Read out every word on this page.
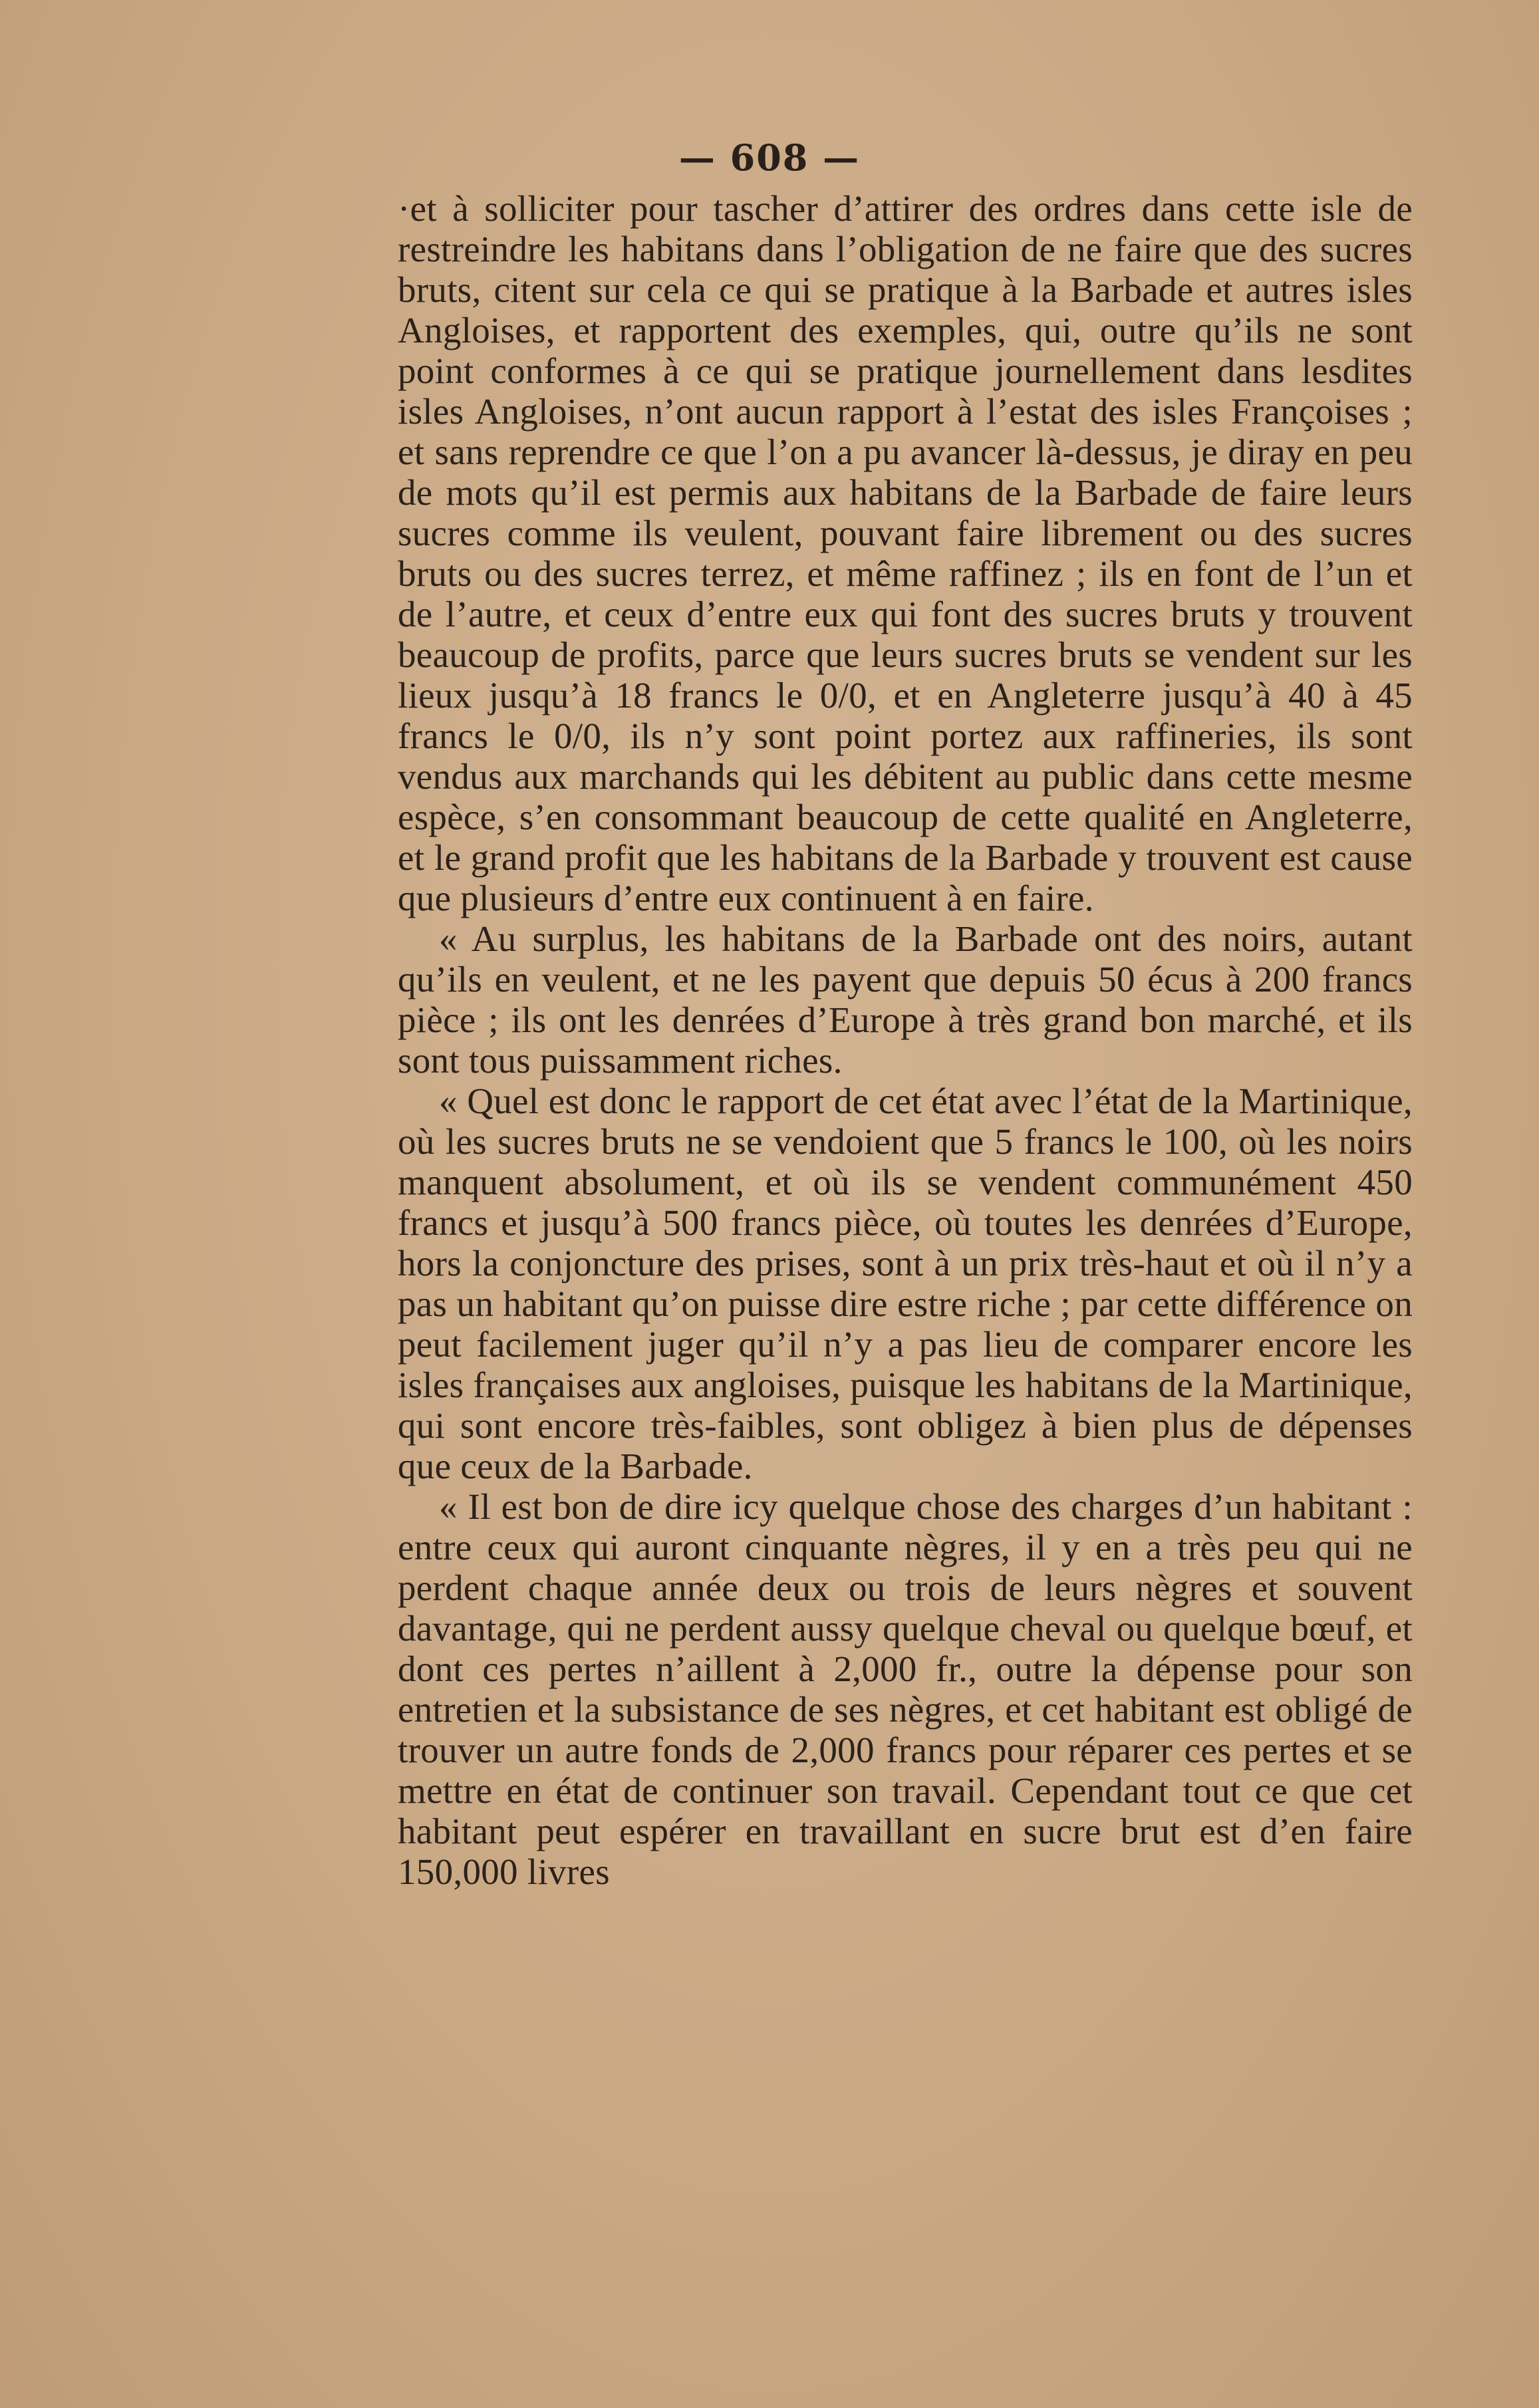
— 608 —

·et à solliciter pour tascher d’attirer des ordres dans cette isle de restreindre les habitans dans l’obligation de ne faire que des sucres bruts, citent sur cela ce qui se pratique à la Barbade et autres isles Angloises, et rapportent des exemples, qui, outre qu’ils ne sont point conformes à ce qui se pratique journellement dans lesdites isles Angloises, n’ont aucun rapport à l’estat des isles Françoises ; et sans reprendre ce que l’on a pu avancer là-dessus, je diray en peu de mots qu’il est permis aux habitans de la Barbade de faire leurs sucres comme ils veulent, pouvant faire librement ou des sucres bruts ou des sucres terrez, et même raffinez ; ils en font de l’un et de l’autre, et ceux d’entre eux qui font des sucres bruts y trouvent beaucoup de profits, parce que leurs sucres bruts se vendent sur les lieux jusqu’à 18 francs le 0/0, et en Angleterre jusqu’à 40 à 45 francs le 0/0, ils n’y sont point portez aux raffineries, ils sont vendus aux marchands qui les débitent au public dans cette mesme espèce, s’en consommant beaucoup de cette qualité en Angleterre, et le grand profit que les habitans de la Barbade y trouvent est cause que plusieurs d’entre eux continuent à en faire.

« Au surplus, les habitans de la Barbade ont des noirs, autant qu’ils en veulent, et ne les payent que depuis 50 écus à 200 francs pièce ; ils ont les denrées d’Europe à très grand bon marché, et ils sont tous puissamment riches.

« Quel est donc le rapport de cet état avec l’état de la Martinique, où les sucres bruts ne se vendoient que 5 francs le 100, où les noirs manquent absolument, et où ils se vendent communément 450 francs et jusqu’à 500 francs pièce, où toutes les denrées d’Europe, hors la conjoncture des prises, sont à un prix très-haut et où il n’y a pas un habitant qu’on puisse dire estre riche ; par cette différence on peut facilement juger qu’il n’y a pas lieu de comparer encore les isles françaises aux angloises, puisque les habitans de la Martinique, qui sont encore très-faibles, sont obligez à bien plus de dépenses que ceux de la Barbade.

« Il est bon de dire icy quelque chose des charges d’un habitant : entre ceux qui auront cinquante nègres, il y en a très peu qui ne perdent chaque année deux ou trois de leurs nègres et souvent davantage, qui ne perdent aussy quelque cheval ou quelque bœuf, et dont ces pertes n’aillent à 2,000 fr., outre la dépense pour son entretien et la subsistance de ses nègres, et cet habitant est obligé de trouver un autre fonds de 2,000 francs pour réparer ces pertes et se mettre en état de continuer son travail. Cependant tout ce que cet habitant peut espérer en travaillant en sucre brut est d’en faire 150,000 livres
